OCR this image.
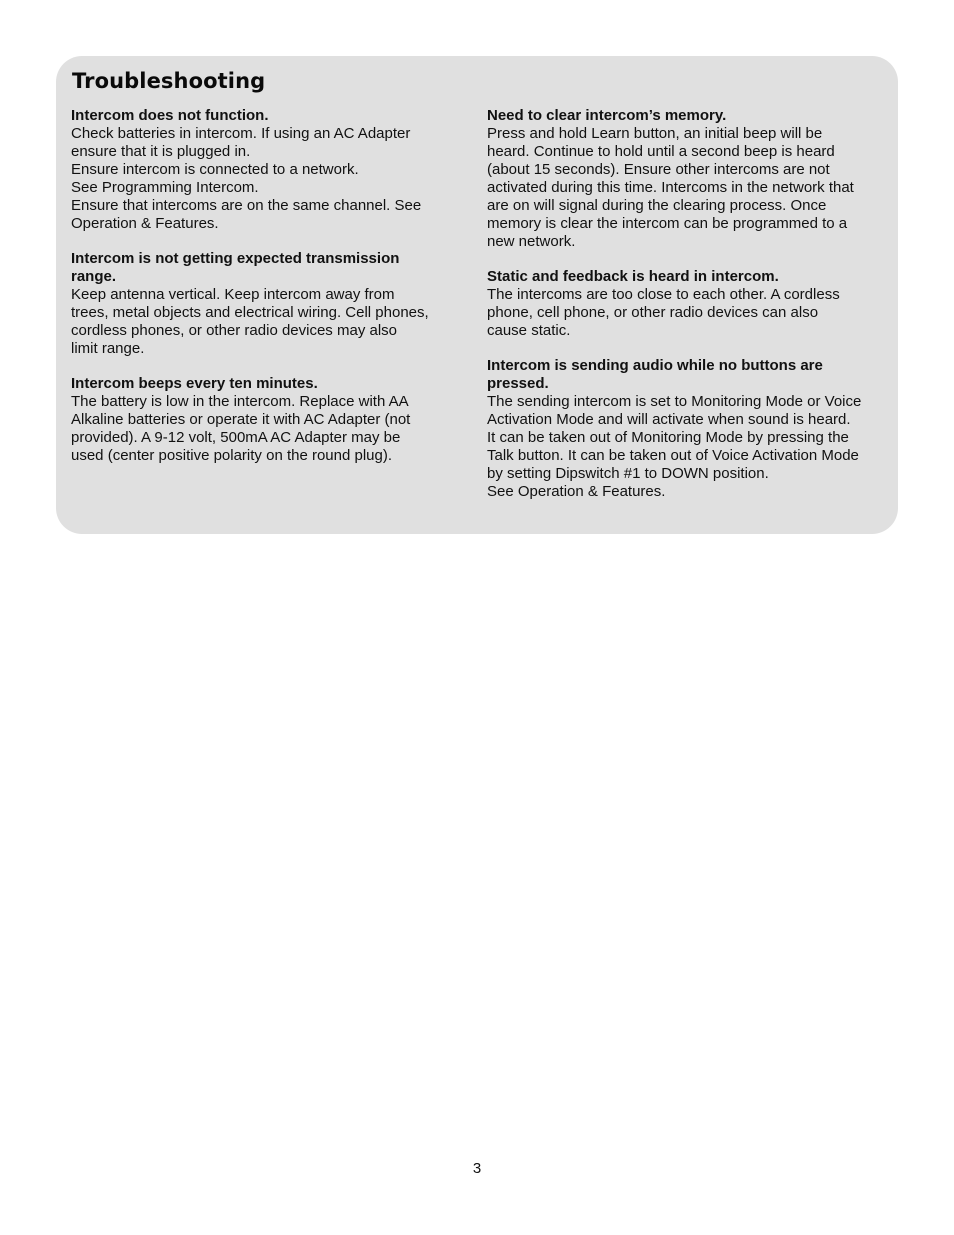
Troubleshooting
Intercom does not function.
Check batteries in intercom. If using an AC Adapter
ensure that it is plugged in.
Ensure intercom is connected to a network.
See Programming Intercom.
Ensure that intercoms are on the same channel. See
Operation & Features.
Intercom is not getting expected transmission
range.
Keep antenna vertical. Keep intercom away from
trees, metal objects and electrical wiring. Cell phones,
cordless phones, or other radio devices may also
limit range.
Intercom beeps every ten minutes.
The battery is low in the intercom. Replace with AA
Alkaline batteries or operate it with AC Adapter (not
provided). A 9-12 volt, 500mA AC Adapter may be
used (center positive polarity on the round plug).
Need to clear intercom’s memory.
Press and hold Learn button, an initial beep will be
heard. Continue to hold until a second beep is heard
(about 15 seconds). Ensure other intercoms are not
activated during this time. Intercoms in the network that
are on will signal during the clearing process. Once
memory is clear the intercom can be programmed to a
new network.
Static and feedback is heard in intercom.
The intercoms are too close to each other. A cordless
phone, cell phone, or other radio devices can also
cause static.
Intercom is sending audio while no buttons are
pressed.
The sending intercom is set to Monitoring Mode or Voice
Activation Mode and will activate when sound is heard.
It can be taken out of Monitoring Mode by pressing the
Talk button. It can be taken out of Voice Activation Mode
by setting Dipswitch #1 to DOWN position.
See Operation & Features.
3
